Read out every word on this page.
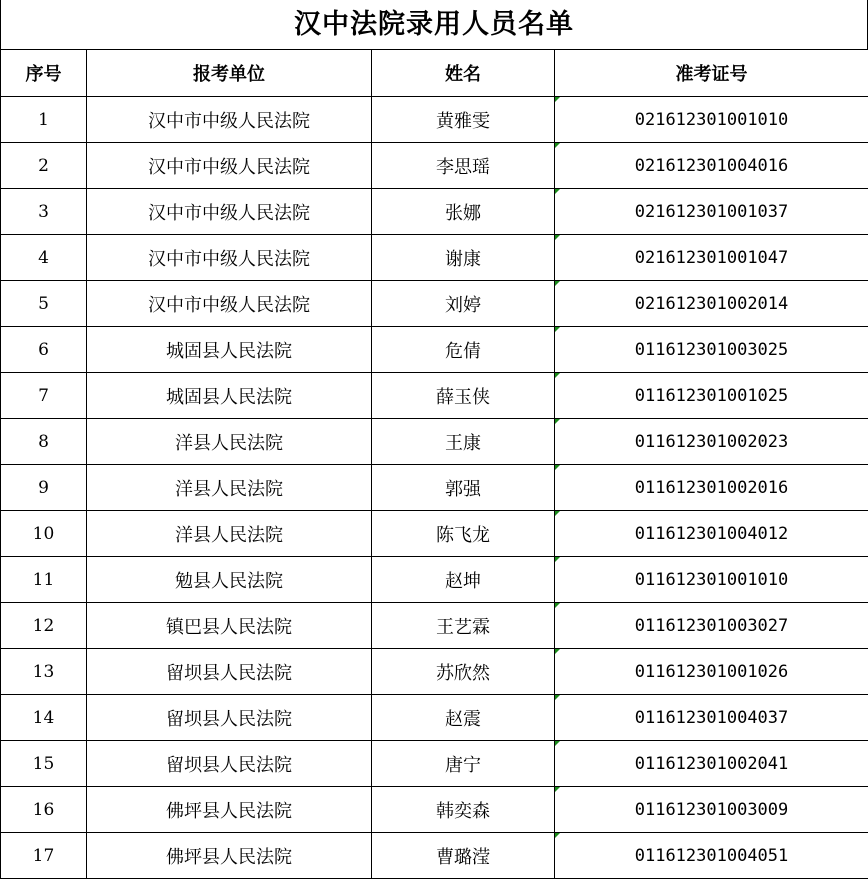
汉中法院录用人员名单
序号	报考单位	姓名	准考证号
1	汉中市中级人民法院	黄雅雯	021612301001010

2	汉中市中级人民法院	李思瑶	021612301004016

3	汉中市中级人民法院	张娜	021612301001037

4	汉中市中级人民法院	谢康	021612301001047

5	汉中市中级人民法院	刘婷	021612301002014

6	城固县人民法院	危倩	011612301003025

7	城固县人民法院	薛玉侠	011612301001025

8	洋县人民法院	王康	011612301002023

9	洋县人民法院	郭强	011612301002016

10	洋县人民法院	陈飞龙	011612301004012

11	勉县人民法院	赵坤	011612301001010

12	镇巴县人民法院	王艺霖	011612301003027

13	留坝县人民法院	苏欣然	011612301001026

14	留坝县人民法院	赵震	011612301004037

15	留坝县人民法院	唐宁	011612301002041

16	佛坪县人民法院	韩奕森	011612301003009

17	佛坪县人民法院	曹璐滢	011612301004051
